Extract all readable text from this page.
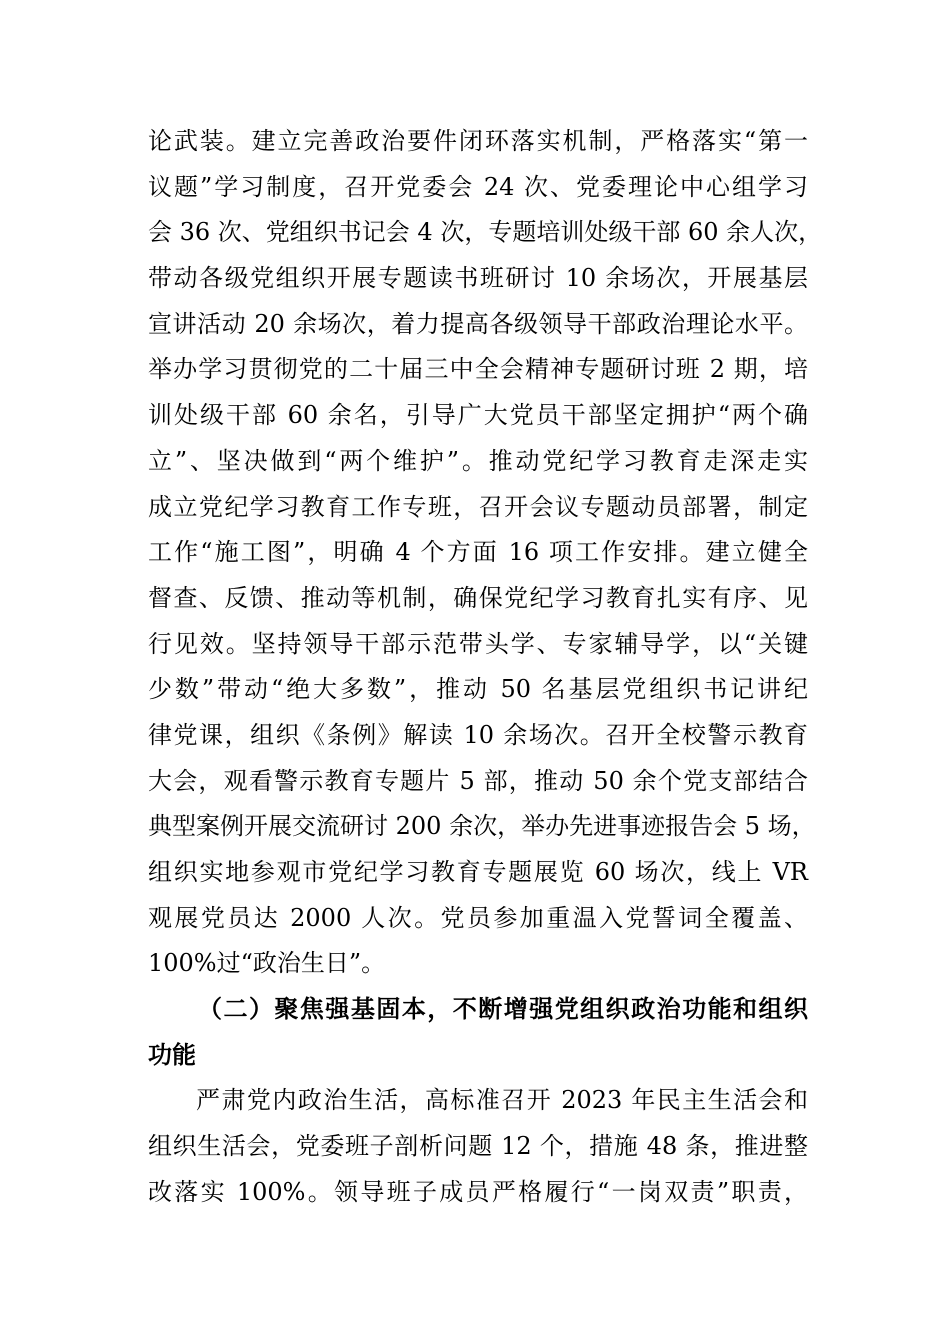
论武装。建立完善政治要件闭环落实机制，严格落实“第一
议题”学习制度，召开党委会 24 次、党委理论中心组学习
会 36 次、党组织书记会 4 次，专题培训处级干部 60 余人次，
带动各级党组织开展专题读书班研讨 10 余场次，开展基层
宣讲活动 20 余场次，着力提高各级领导干部政治理论水平。
举办学习贯彻党的二十届三中全会精神专题研讨班 2 期，培
训处级干部 60 余名，引导广大党员干部坚定拥护“两个确
立”、坚决做到“两个维护”。推动党纪学习教育走深走实
成立党纪学习教育工作专班，召开会议专题动员部署，制定
工作“施工图”，明确 4 个方面 16 项工作安排。建立健全
督查、反馈、推动等机制，确保党纪学习教育扎实有序、见
行见效。坚持领导干部示范带头学、专家辅导学，以“关键
少数”带动“绝大多数”，推动 50 名基层党组织书记讲纪
律党课，组织《条例》解读 10 余场次。召开全校警示教育
大会，观看警示教育专题片 5 部，推动 50 余个党支部结合
典型案例开展交流研讨 200 余次，举办先进事迹报告会 5 场，
组织实地参观市党纪学习教育专题展览 60 场次，线上 VR
观展党员达 2000 人次。党员参加重温入党誓词全覆盖、
100%过“政治生日”。
（二）聚焦强基固本，不断增强党组织政治功能和组织
功能
严肃党内政治生活，高标准召开 2023 年民主生活会和
组织生活会，党委班子剖析问题 12 个，措施 48 条，推进整
改落实 100%。领导班子成员严格履行“一岗双责”职责，
